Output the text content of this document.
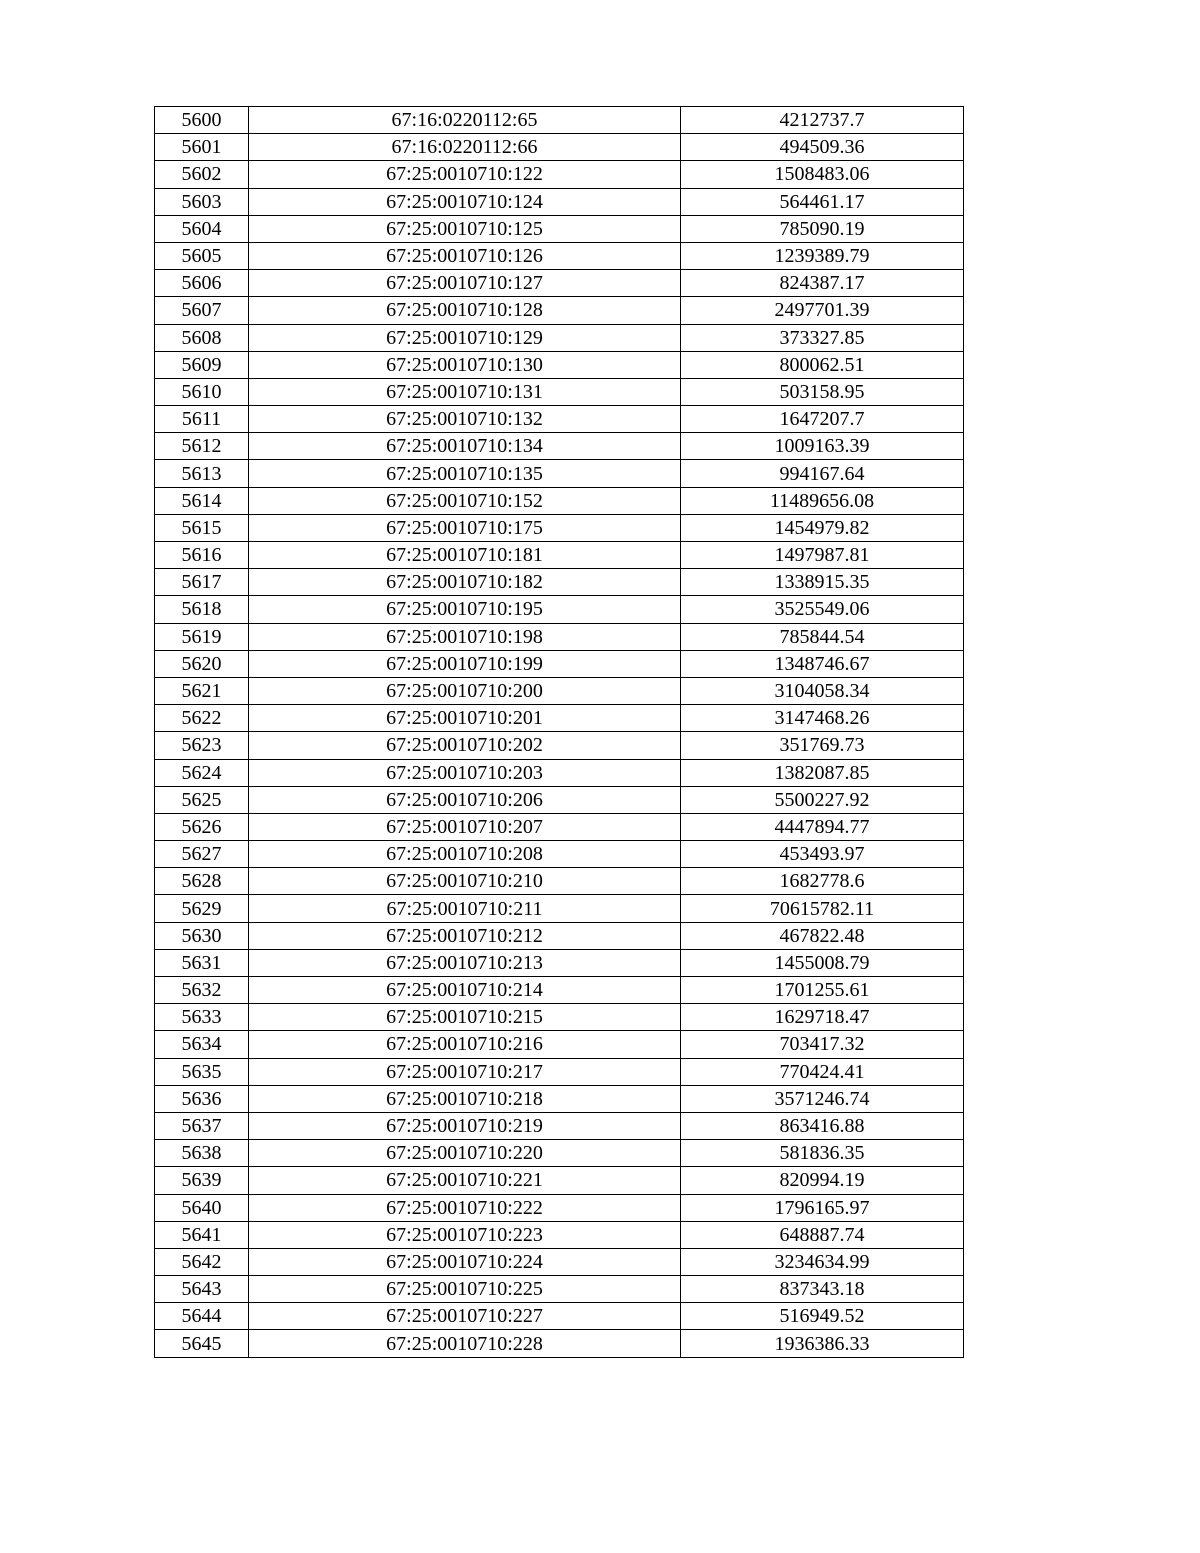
5600	67:16:0220112:65	4212737.7
5601	67:16:0220112:66	494509.36
5602	67:25:0010710:122	1508483.06
5603	67:25:0010710:124	564461.17
5604	67:25:0010710:125	785090.19
5605	67:25:0010710:126	1239389.79
5606	67:25:0010710:127	824387.17
5607	67:25:0010710:128	2497701.39
5608	67:25:0010710:129	373327.85
5609	67:25:0010710:130	800062.51
5610	67:25:0010710:131	503158.95
5611	67:25:0010710:132	1647207.7
5612	67:25:0010710:134	1009163.39
5613	67:25:0010710:135	994167.64
5614	67:25:0010710:152	11489656.08
5615	67:25:0010710:175	1454979.82
5616	67:25:0010710:181	1497987.81
5617	67:25:0010710:182	1338915.35
5618	67:25:0010710:195	3525549.06
5619	67:25:0010710:198	785844.54
5620	67:25:0010710:199	1348746.67
5621	67:25:0010710:200	3104058.34
5622	67:25:0010710:201	3147468.26
5623	67:25:0010710:202	351769.73
5624	67:25:0010710:203	1382087.85
5625	67:25:0010710:206	5500227.92
5626	67:25:0010710:207	4447894.77
5627	67:25:0010710:208	453493.97
5628	67:25:0010710:210	1682778.6
5629	67:25:0010710:211	70615782.11
5630	67:25:0010710:212	467822.48
5631	67:25:0010710:213	1455008.79
5632	67:25:0010710:214	1701255.61
5633	67:25:0010710:215	1629718.47
5634	67:25:0010710:216	703417.32
5635	67:25:0010710:217	770424.41
5636	67:25:0010710:218	3571246.74
5637	67:25:0010710:219	863416.88
5638	67:25:0010710:220	581836.35
5639	67:25:0010710:221	820994.19
5640	67:25:0010710:222	1796165.97
5641	67:25:0010710:223	648887.74
5642	67:25:0010710:224	3234634.99
5643	67:25:0010710:225	837343.18
5644	67:25:0010710:227	516949.52
5645	67:25:0010710:228	1936386.33
